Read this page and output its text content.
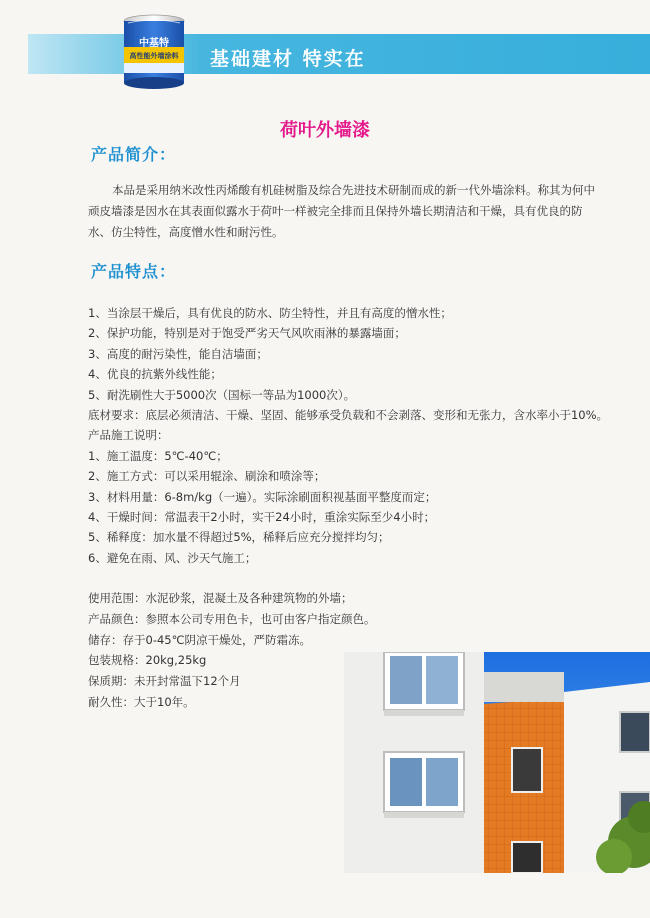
基础建材 特实在
中基特
高性能外墙涂料
荷叶外墙漆
产品简介：

本品是采用纳米改性丙烯酸有机硅树脂及综合先进技术研制而成的新一代外墙涂料。称其为何中顽皮墙漆是因水在其表面似露水于荷叶一样被完全排而且保持外墙长期清洁和干燥，具有优良的防水、仿尘特性，高度憎水性和耐污性。

产品特点：
1、当涂层干燥后，具有优良的防水、防尘特性，并且有高度的憎水性；
2、保护功能，特别是对于饱受严劣天气风吹雨淋的暴露墙面；
3、高度的耐污染性，能自洁墙面；
4、优良的抗紫外线性能；
5、耐洗刷性大于5000次（国标一等品为1000次）。
底材要求：底层必须清洁、干燥、坚固、能够承受负载和不会剥落、变形和无张力，含水率小于10%。
产品施工说明：
1、施工温度：5℃-40℃；
2、施工方式：可以采用辊涂、刷涂和喷涂等；
3、材料用量：6-8m/kg（一遍）。实际涂刷面积视基面平整度而定；
4、干燥时间：常温表干2小时，实干24小时，重涂实际至少4小时；
5、稀释度：加水量不得超过5%，稀释后应充分搅拌均匀；
6、避免在雨、风、沙天气施工；
使用范围：水泥砂浆，混凝土及各种建筑物的外墙；
产品颜色：参照本公司专用色卡，也可由客户指定颜色。
储存：存于0-45℃阴凉干燥处，严防霜冻。
包装规格：20kg,25kg
保质期：未开封常温下12个月
耐久性：大于10年。
